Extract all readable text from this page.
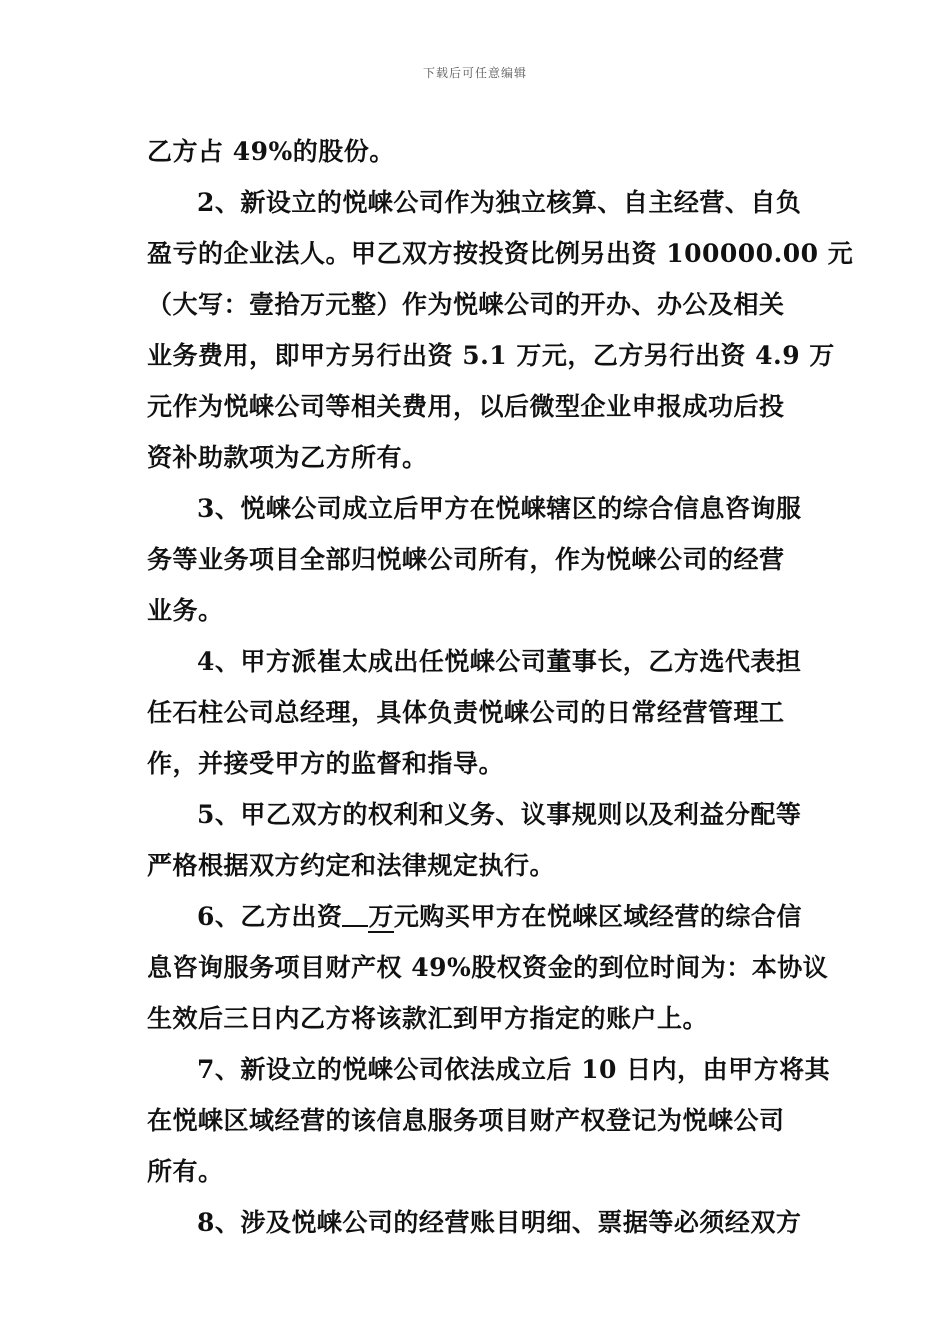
下载后可任意编辑
乙方占 49%的股份。
2、新设立的悦崃公司作为独立核算、自主经营、自负
盈亏的企业法人。甲乙双方按投资比例另出资 100000.00 元
（大写：壹拾万元整）作为悦崃公司的开办、办公及相关
业务费用，即甲方另行出资 5.1 万元，乙方另行出资 4.9 万
元作为悦崃公司等相关费用，以后微型企业申报成功后投
资补助款项为乙方所有。
3、悦崃公司成立后甲方在悦崃辖区的综合信息咨询服
务等业务项目全部归悦崃公司所有，作为悦崃公司的经营
业务。
4、甲方派崔太成出任悦崃公司董事长，乙方选代表担
任石柱公司总经理，具体负责悦崃公司的日常经营管理工
作，并接受甲方的监督和指导。
5、甲乙双方的权利和义务、议事规则以及利益分配等
严格根据双方约定和法律规定执行。
6、乙方出资 万元购买甲方在悦崃区域经营的综合信
息咨询服务项目财产权 49%股权资金的到位时间为：本协议
生效后三日内乙方将该款汇到甲方指定的账户上。
7、新设立的悦崃公司依法成立后 10 日内，由甲方将其
在悦崃区域经营的该信息服务项目财产权登记为悦崃公司
所有。
8、涉及悦崃公司的经营账目明细、票据等必须经双方
